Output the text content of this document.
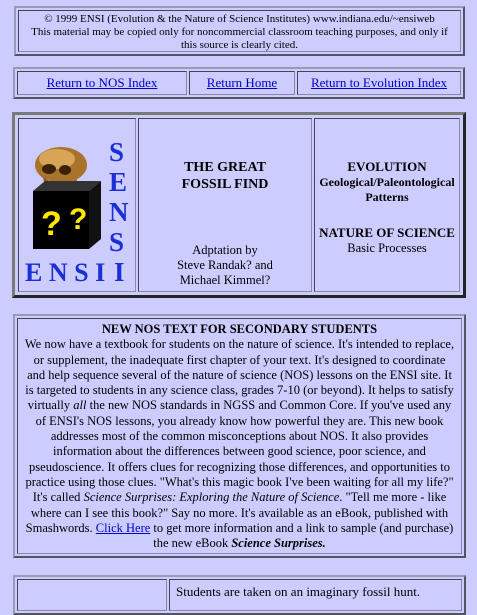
© 1999 ENSI (Evolution & the Nature of Science Institutes) www.indiana.edu/~ensiweb
This material may be copied only for noncommercial classroom teaching purposes, and only if this source is clearly cited.
Return to NOS Index	Return Home	Return to Evolution Index
? ?
S
E
N
S
I
E N S I
THE GREAT
FOSSIL FIND
Adptation by
Steve Randak? and
Michael Kimmel?
EVOLUTION
Geological/Paleontological
Patterns
NATURE OF SCIENCE
Basic Processes
NEW NOS TEXT FOR SECONDARY STUDENTS
We now have a textbook for students on the nature of science. It's intended to replace, or supplement, the inadequate first chapter of your text. It's designed to coordinate and help sequence several of the nature of science (NOS) lessons on the ENSI site. It is targeted to students in any science class, grades 7-10 (or beyond). It helps to satisfy virtually all the new NOS standards in NGSS and Common Core. If you've used any of ENSI's NOS lessons, you already know how powerful they are. This new book addresses most of the common misconceptions about NOS. It also provides information about the differences between good science, poor science, and pseudoscience. It offers clues for recognizing those differences, and opportunities to practice using those clues. "What's this magic book I've been waiting for all my life?" It's called Science Surprises: Exploring the Nature of Science. "Tell me more - like where can I see this book?" Say no more. It's available as an eBook, published with Smashwords. Click Here to get more information and a link to sample (and purchase) the new eBook Science Surprises.
Students are taken on an imaginary fossil hunt.
